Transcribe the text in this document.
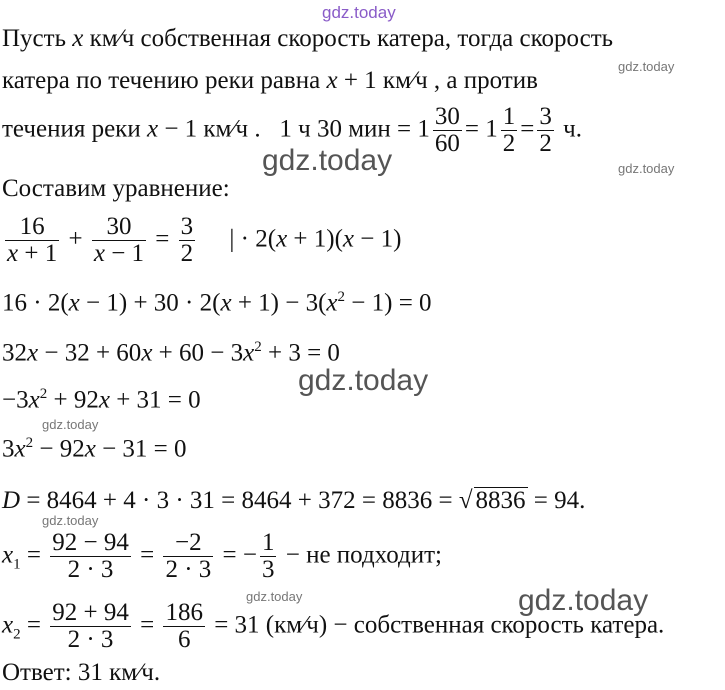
gdz.today
gdz.today
gdz.today	gdz.today
gdz.today
gdz.today
gdz.today
gdz.today	gdz.today
Пусть x км⁄ч собственная скорость катера, тогда скорость
катера по течению реки равна x + 1 км⁄ч , а против
течения реки x − 1 км⁄ч . 1 ч 30 мин = $1 \frac{30}{60} = 1 \frac{1}{2} = \frac{3}{2} ч$.
Составим уравнение:
$\frac{16}{x + 1} + \frac{30}{x - 1} = \frac{3}{2}$ | · 2(x + 1)(x − 1)
$16 \cdot 2(x - 1) + 30 \cdot 2(x + 1) - 3(x^2 - 1) = 0$
$32x - 32 + 60x + 60 - 3x^2 + 3 = 0$
$-3x^2 + 92x + 31 = 0$
$3x^2 - 92x - 31 = 0$
D = 8464 + 4 · 3 · 31 = 8464 + 372 = 8836 = √ 8836 = 94.
$x_1 = \frac{92 - 94}{2 \cdot 3} = \frac{-2}{2 \cdot 3}$ = − $\frac{1}{3}$ − не подходит;
$x_2 = \frac{92 + 94}{2 \cdot 3} = \frac{186}{6} = 31$ (км⁄ч) − собственная скорость катера.
Ответ: 31 км⁄ч.
